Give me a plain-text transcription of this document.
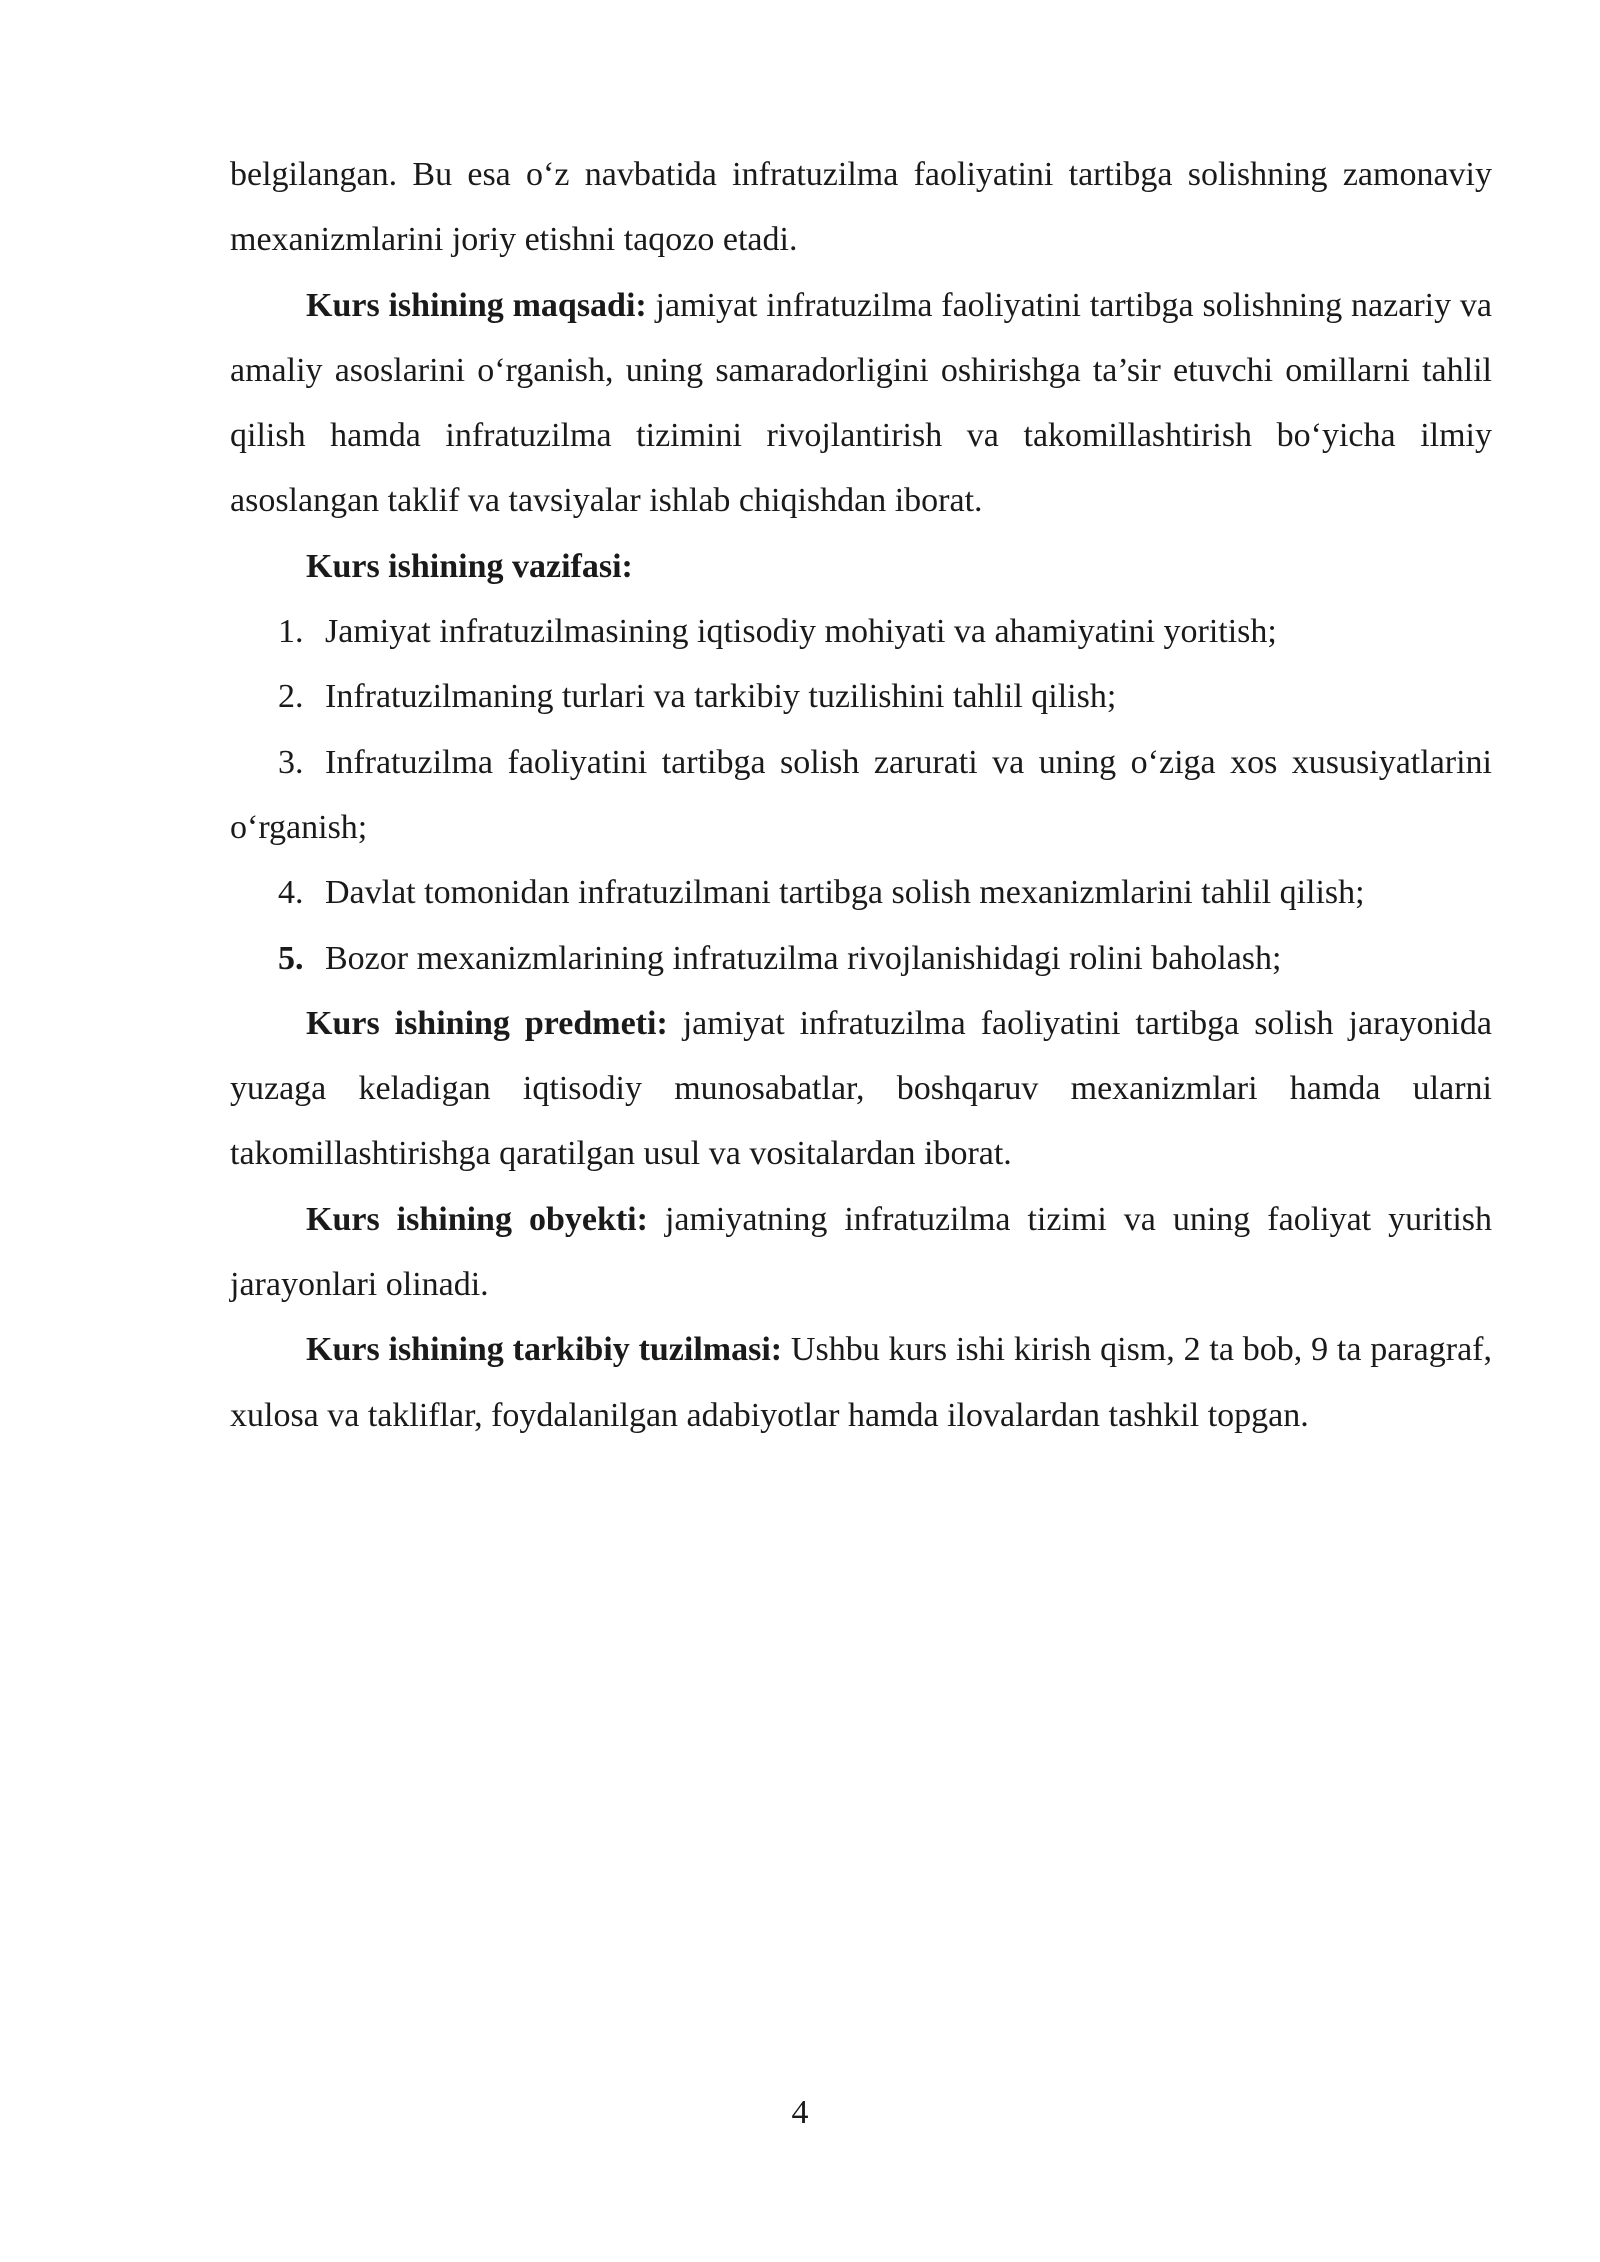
belgilangan. Bu esa o‘z navbatida infratuzilma faoliyatini tartibga solishning zamonaviy mexanizmlarini joriy etishni taqozo etadi.

Kurs ishining maqsadi: jamiyat infratuzilma faoliyatini tartibga solishning nazariy va amaliy asoslarini o‘rganish, uning samaradorligini oshirishga ta’sir etuvchi omillarni tahlil qilish hamda infratuzilma tizimini rivojlantirish va takomillashtirish bo‘yicha ilmiy asoslangan taklif va tavsiyalar ishlab chiqishdan iborat.

Kurs ishining vazifasi:

1. Jamiyat infratuzilmasining iqtisodiy mohiyati va ahamiyatini yoritish;

2. Infratuzilmaning turlari va tarkibiy tuzilishini tahlil qilish;

3. Infratuzilma faoliyatini tartibga solish zarurati va uning o‘ziga xos xususiyatlarini o‘rganish;

4. Davlat tomonidan infratuzilmani tartibga solish mexanizmlarini tahlil qilish;

5. Bozor mexanizmlarining infratuzilma rivojlanishidagi rolini baholash;

Kurs ishining predmeti: jamiyat infratuzilma faoliyatini tartibga solish jarayonida yuzaga keladigan iqtisodiy munosabatlar, boshqaruv mexanizmlari hamda ularni takomillashtirishga qaratilgan usul va vositalardan iborat.

Kurs ishining obyekti: jamiyatning infratuzilma tizimi va uning faoliyat yuritish jarayonlari olinadi.

Kurs ishining tarkibiy tuzilmasi: Ushbu kurs ishi kirish qism, 2 ta bob, 9 ta paragraf, xulosa va takliflar, foydalanilgan adabiyotlar hamda ilovalardan tashkil topgan.

4
